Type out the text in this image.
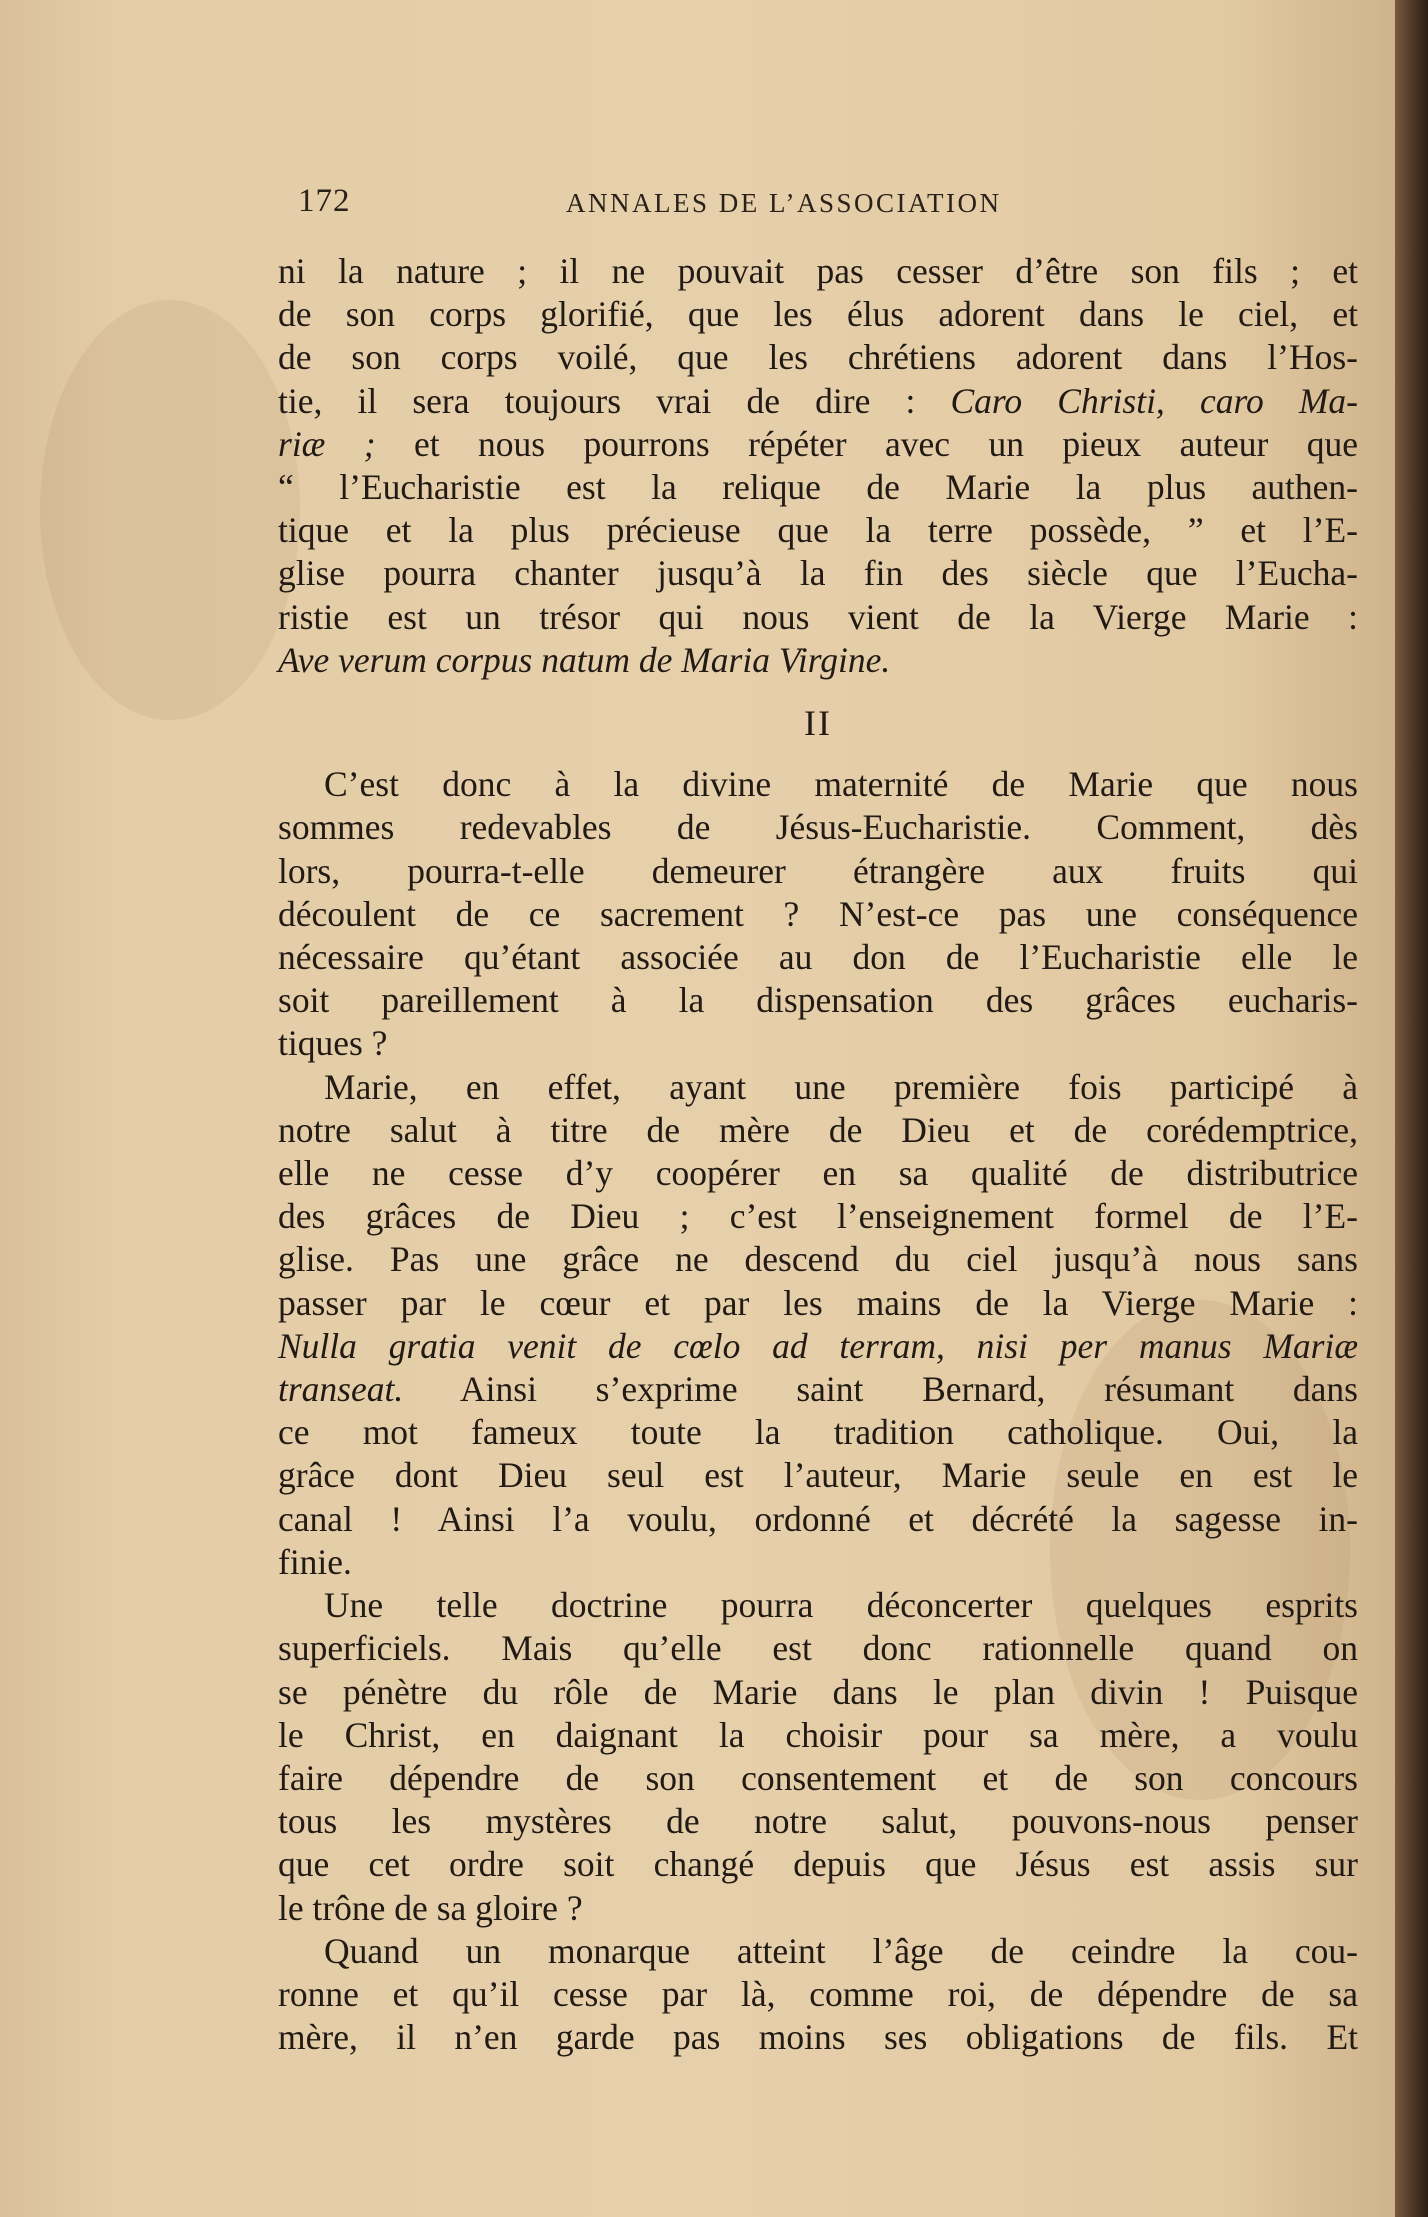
172	ANNALES DE L’ASSOCIATION

ni la nature ; il ne pouvait pas cesser d’être son fils ; et
de son corps glorifié, que les élus adorent dans le ciel, et
de son corps voilé, que les chrétiens adorent dans l’Hos-
tie, il sera toujours vrai de dire : Caro Christi, caro Ma-
riæ ; et nous pourrons répéter avec un pieux auteur que
“ l’Eucharistie est la relique de Marie la plus authen-
tique et la plus précieuse que la terre possède, ” et l’E-
glise pourra chanter jusqu’à la fin des siècle que l’Eucha-
ristie est un trésor qui nous vient de la Vierge Marie :
Ave verum corpus natum de Maria Virgine.

II

C’est donc à la divine maternité de Marie que nous
sommes redevables de Jésus-Eucharistie. Comment, dès
lors, pourra-t-elle demeurer étrangère aux fruits qui
découlent de ce sacrement ? N’est-ce pas une conséquence
nécessaire qu’étant associée au don de l’Eucharistie elle le
soit pareillement à la dispensation des grâces eucharis-
tiques ?

Marie, en effet, ayant une première fois participé à
notre salut à titre de mère de Dieu et de corédemptrice,
elle ne cesse d’y coopérer en sa qualité de distributrice
des grâces de Dieu ; c’est l’enseignement formel de l’E-
glise. Pas une grâce ne descend du ciel jusqu’à nous sans
passer par le cœur et par les mains de la Vierge Marie :
Nulla gratia venit de cœlo ad terram, nisi per manus Mariæ
transeat. Ainsi s’exprime saint Bernard, résumant dans
ce mot fameux toute la tradition catholique. Oui, la
grâce dont Dieu seul est l’auteur, Marie seule en est le
canal ! Ainsi l’a voulu, ordonné et décrété la sagesse in-
finie.

Une telle doctrine pourra déconcerter quelques esprits
superficiels. Mais qu’elle est donc rationnelle quand on
se pénètre du rôle de Marie dans le plan divin ! Puisque
le Christ, en daignant la choisir pour sa mère, a voulu
faire dépendre de son consentement et de son concours
tous les mystères de notre salut, pouvons-nous penser
que cet ordre soit changé depuis que Jésus est assis sur
le trône de sa gloire ?

Quand un monarque atteint l’âge de ceindre la cou-
ronne et qu’il cesse par là, comme roi, de dépendre de sa
mère, il n’en garde pas moins ses obligations de fils. Et
